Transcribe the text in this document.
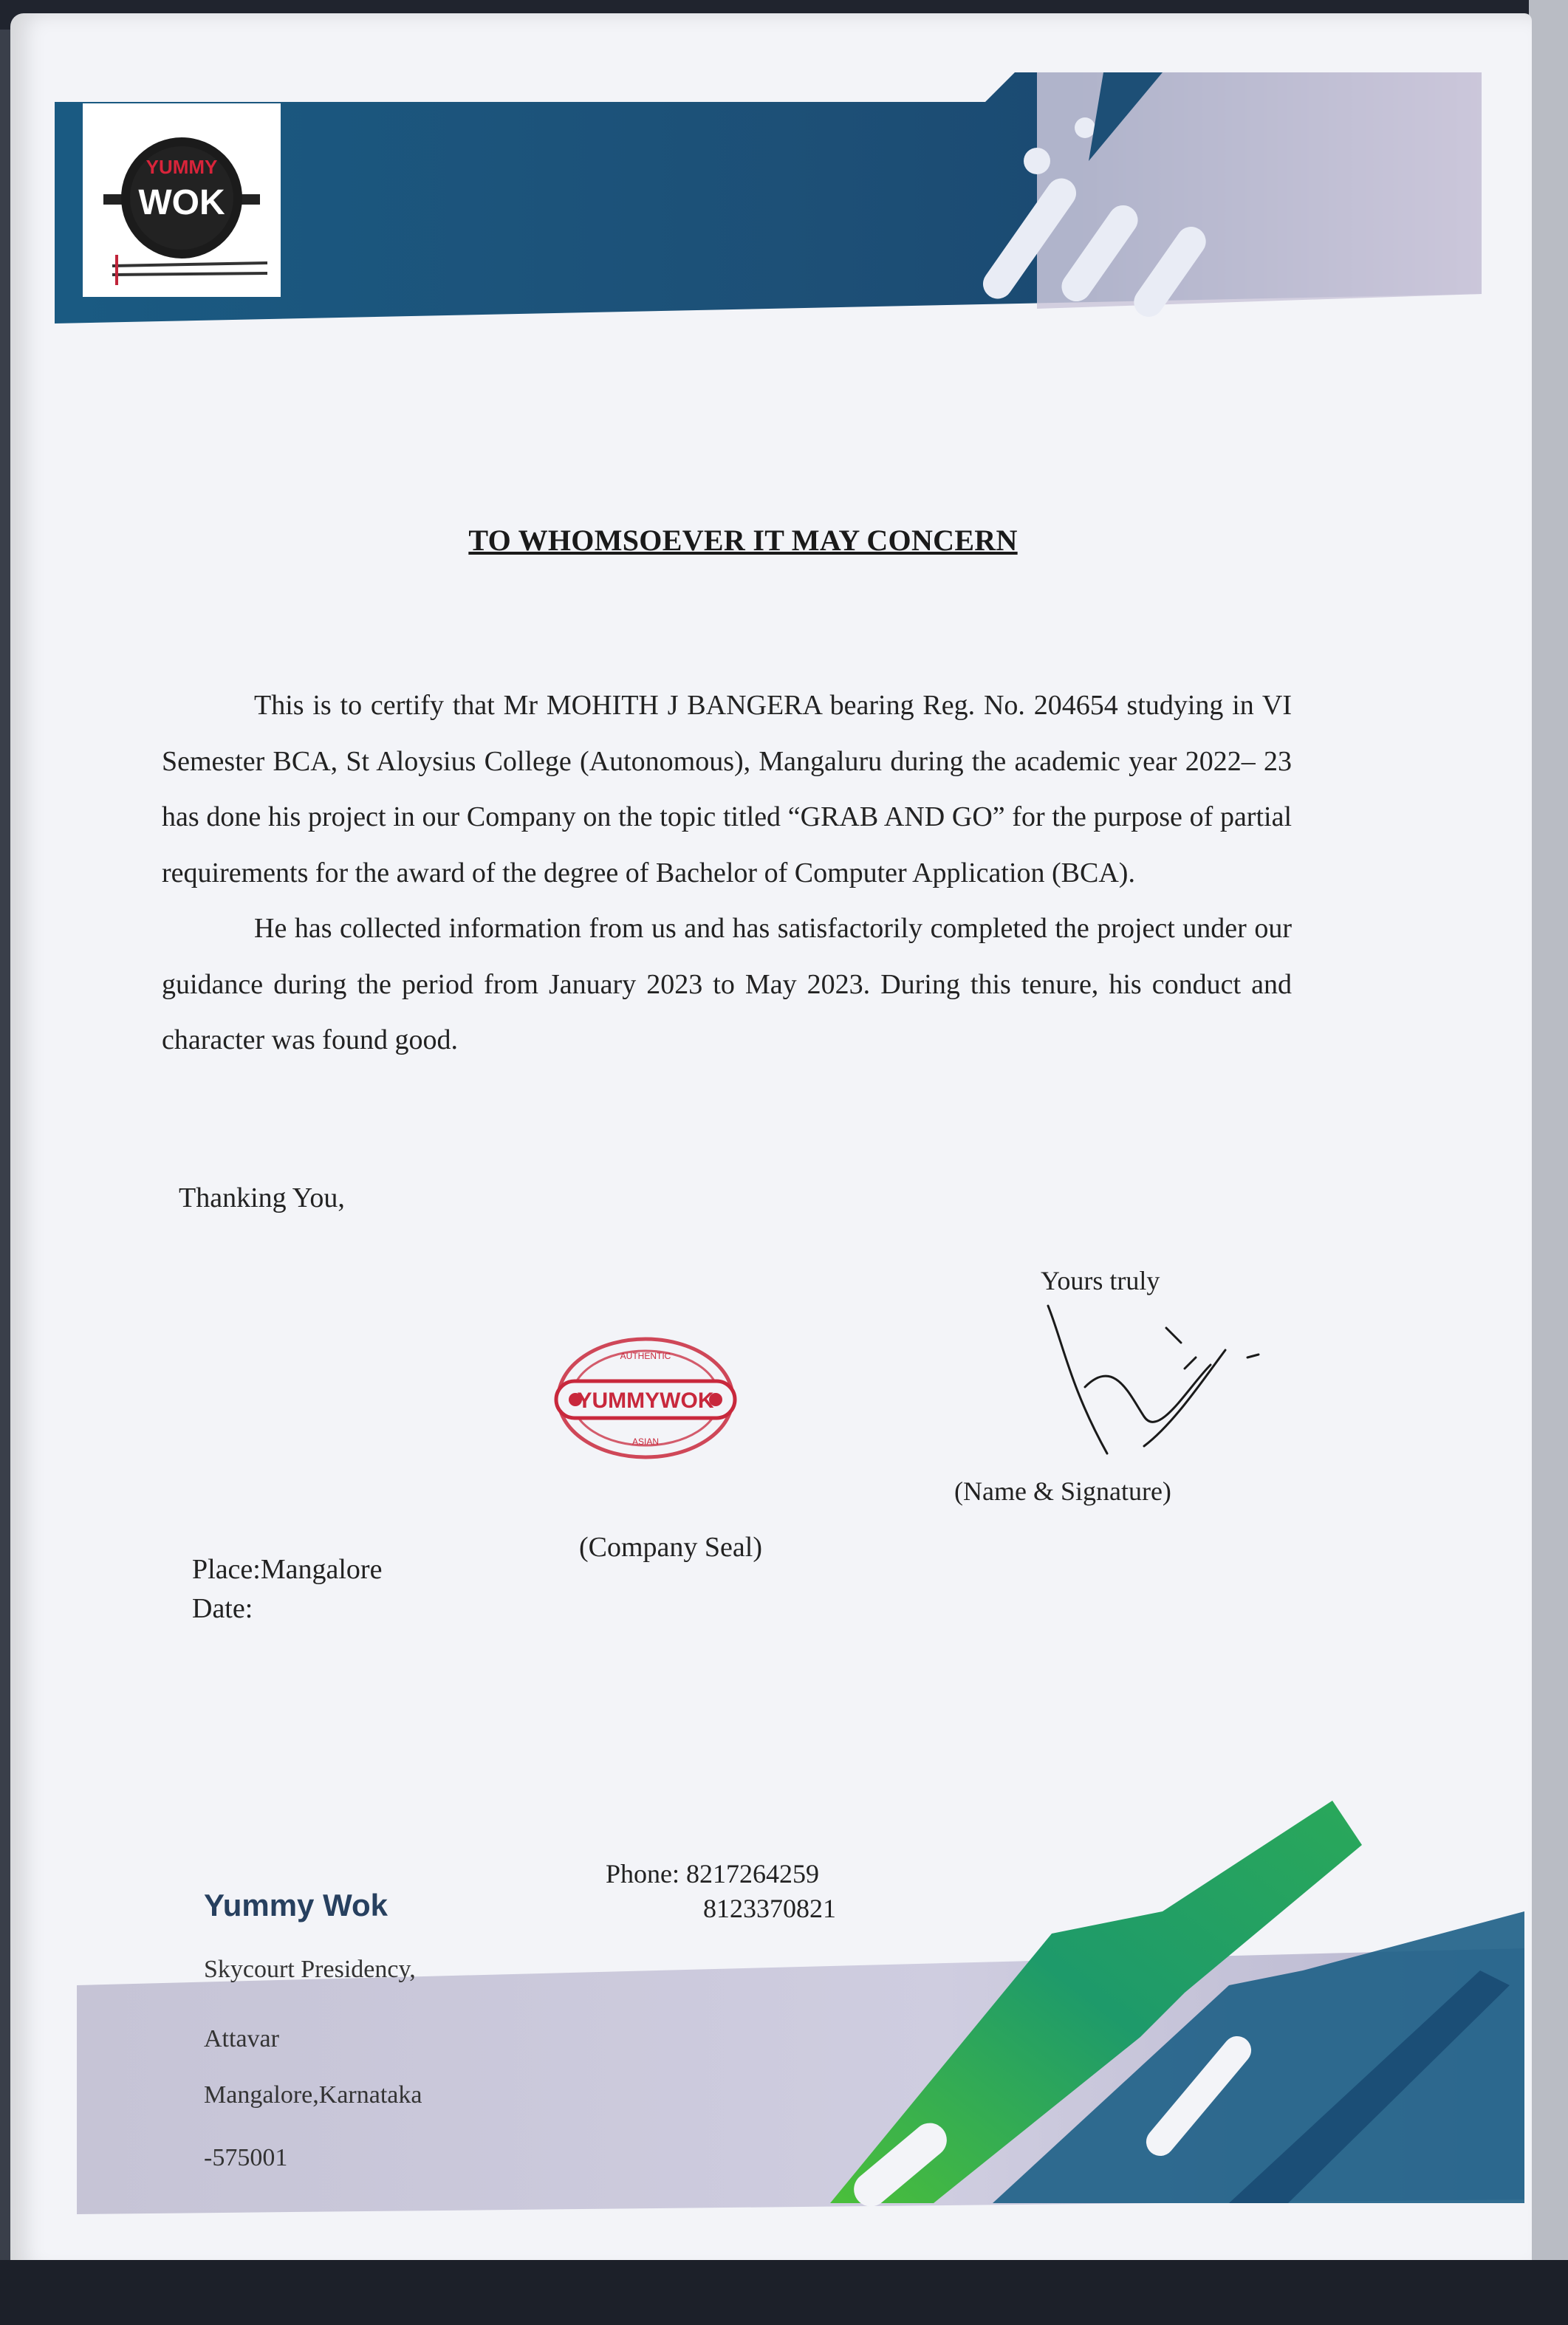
YUMMY
WOK
TO WHOMSOEVER IT MAY CONCERN

This is to certify that Mr MOHITH J BANGERA bearing Reg. No. 204654 studying in VI Semester BCA, St Aloysius College (Autonomous), Mangaluru during the academic year 2022– 23 has done his project in our Company on the topic titled “GRAB AND GO” for the purpose of partial requirements for the award of the degree of Bachelor of Computer Application (BCA).

He has collected information from us and has satisfactorily completed the project under our guidance during the period from January 2023 to May 2023. During this tenure, his conduct and character was found good.

Thanking You,
Yours truly
(Name & Signature)
YUMMYWOK
AUTHENTIC
ASIAN
(Company Seal)
Place:Mangalore
Date:
Yummy Wok
Skycourt Presidency,
Attavar
Mangalore,Karnataka
-575001
Phone: 8217264259
8123370821
